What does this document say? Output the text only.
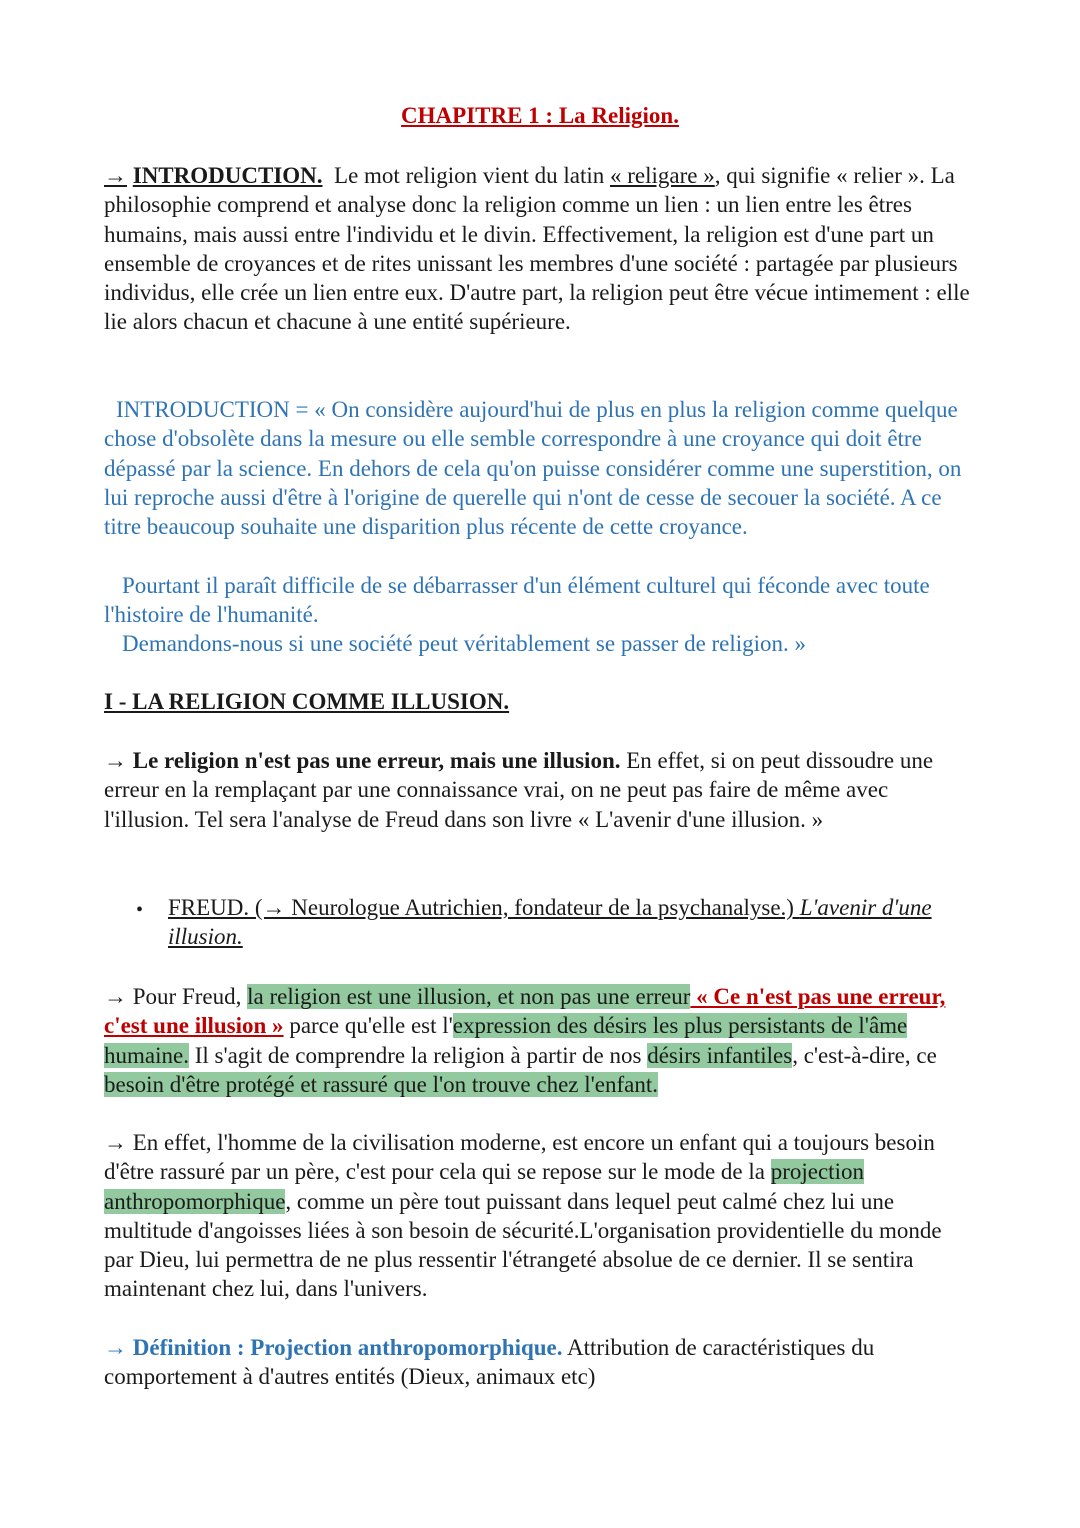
CHAPITRE 1 : La Religion.

→ INTRODUCTION. Le mot religion vient du latin « religare », qui signifie « relier ». La philosophie comprend et analyse donc la religion comme un lien : un lien entre les êtres humains, mais aussi entre l'individu et le divin. Effectivement, la religion est d'une part un ensemble de croyances et de rites unissant les membres d'une société : partagée par plusieurs individus, elle crée un lien entre eux. D'autre part, la religion peut être vécue intimement : elle lie alors chacun et chacune à une entité supérieure.

INTRODUCTION = « On considère aujourd'hui de plus en plus la religion comme quelque chose d'obsolète dans la mesure ou elle semble correspondre à une croyance qui doit être dépassé par la science. En dehors de cela qu'on puisse considérer comme une superstition, on lui reproche aussi d'être à l'origine de querelle qui n'ont de cesse de secouer la société. A ce titre beaucoup souhaite une disparition plus récente de cette croyance.

Pourtant il paraît difficile de se débarrasser d'un élément culturel qui féconde avec toute l'histoire de l'humanité.

Demandons-nous si une société peut véritablement se passer de religion. »

I - LA RELIGION COMME ILLUSION.

→ Le religion n'est pas une erreur, mais une illusion. En effet, si on peut dissoudre une erreur en la remplaçant par une connaissance vrai, on ne peut pas faire de même avec l'illusion. Tel sera l'analyse de Freud dans son livre « L'avenir d'une illusion. »

• FREUD. (→ Neurologue Autrichien, fondateur de la psychanalyse.) L'avenir d'une illusion.

→ Pour Freud, la religion est une illusion, et non pas une erreur « Ce n'est pas une erreur, c'est une illusion » parce qu'elle est l'expression des désirs les plus persistants de l'âme humaine. Il s'agit de comprendre la religion à partir de nos désirs infantiles, c'est-à-dire, ce besoin d'être protégé et rassuré que l'on trouve chez l'enfant.

→ En effet, l'homme de la civilisation moderne, est encore un enfant qui a toujours besoin d'être rassuré par un père, c'est pour cela qui se repose sur le mode de la projection anthropomorphique, comme un père tout puissant dans lequel peut calmé chez lui une multitude d'angoisses liées à son besoin de sécurité.L'organisation providentielle du monde par Dieu, lui permettra de ne plus ressentir l'étrangeté absolue de ce dernier. Il se sentira maintenant chez lui, dans l'univers.

→ Définition : Projection anthropomorphique. Attribution de caractéristiques du comportement à d'autres entités (Dieux, animaux etc)
